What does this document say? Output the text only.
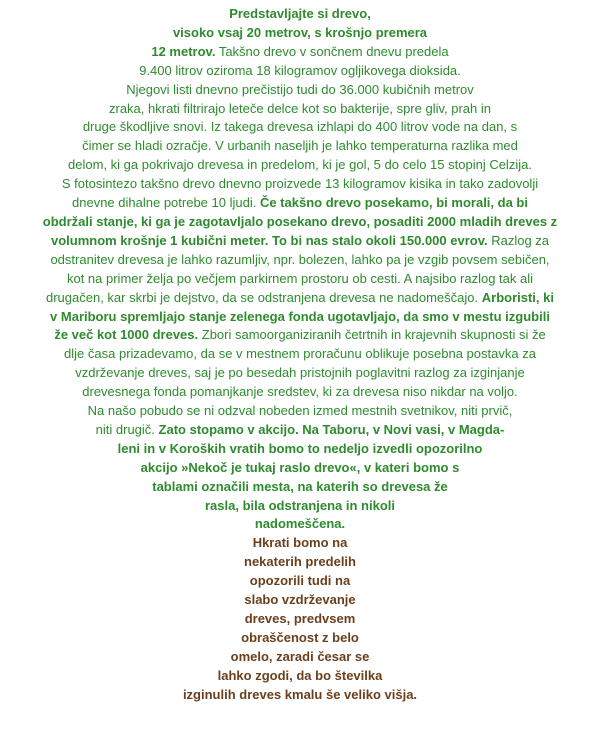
Predstavljajte si drevo,
visoko vsaj 20 metrov, s krošnjo premera
12 metrov. Takšno drevo v sončnem dnevu predela
9.400 litrov oziroma 18 kilogramov ogljikovega dioksida.
Njegovi listi dnevno prečistijo tudi do 36.000 kubičnih metrov
zraka, hkrati filtrirajo leteče delce kot so bakterije, spre gliv, prah in
druge škodljive snovi. Iz takega drevesa izhlapi do 400 litrov vode na dan, s
čimer se hladi ozračje. V urbanih naseljih je lahko temperaturna razlika med
delom, ki ga pokrivajo drevesa in predelom, ki je gol, 5 do celo 15 stopinj Celzija.
S fotosintezo takšno drevo dnevno proizvede 13 kilogramov kisika in tako zadovolji
dnevne dihalne potrebe 10 ljudi. Če takšno drevo posekamo, bi morali, da bi
obdržali stanje, ki ga je zagotavljalo posekano drevo, posaditi 2000 mladih dreves z
volumnom krošnje 1 kubični meter. To bi nas stalo okoli 150.000 evrov. Razlog za
odstranitev drevesa je lahko razumljiv, npr. bolezen, lahko pa je vzgib povsem sebičen,
kot na primer želja po večjem parkirnem prostoru ob cesti. A najsibo razlog tak ali
drugačen, kar skrbi je dejstvo, da se odstranjena drevesa ne nadomeščajo. Arboristi, ki
v Mariboru spremljajo stanje zelenega fonda ugotavljajo, da smo v mestu izgubili
že več kot 1000 dreves. Zbori samoorganiziranih četrtnih in krajevnih skupnosti si že
dlje časa prizadevamo, da se v mestnem proračunu oblikuje posebna postavka za
vzdrževanje dreves, saj je po besedah pristojnih poglavitni razlog za izginjanje
drevesnega fonda pomanjkanje sredstev, ki za drevesa niso nikdar na voljo.
Na našo pobudo se ni odzval nobeden izmed mestnih svetnikov, niti prvič,
niti drugič. Zato stopamo v akcijo. Na Taboru, v Novi vasi, v Magda-
leni in v Koroških vratih bomo to nedeljo izvedli opozorilno
akcijo »Nekoč je tukaj raslo drevo«, v kateri bomo s
tablami označili mesta, na katerih so drevesa že
rasla, bila odstranjena in nikoli
nadomeščena.
Hkrati bomo na
nekaterih predelih
opozorili tudi na
slabo vzdrževanje
dreves, predvsem
obraščenost z belo
omelo, zaradi česar se
lahko zgodi, da bo številka
izginulih dreves kmalu še veliko višja.
